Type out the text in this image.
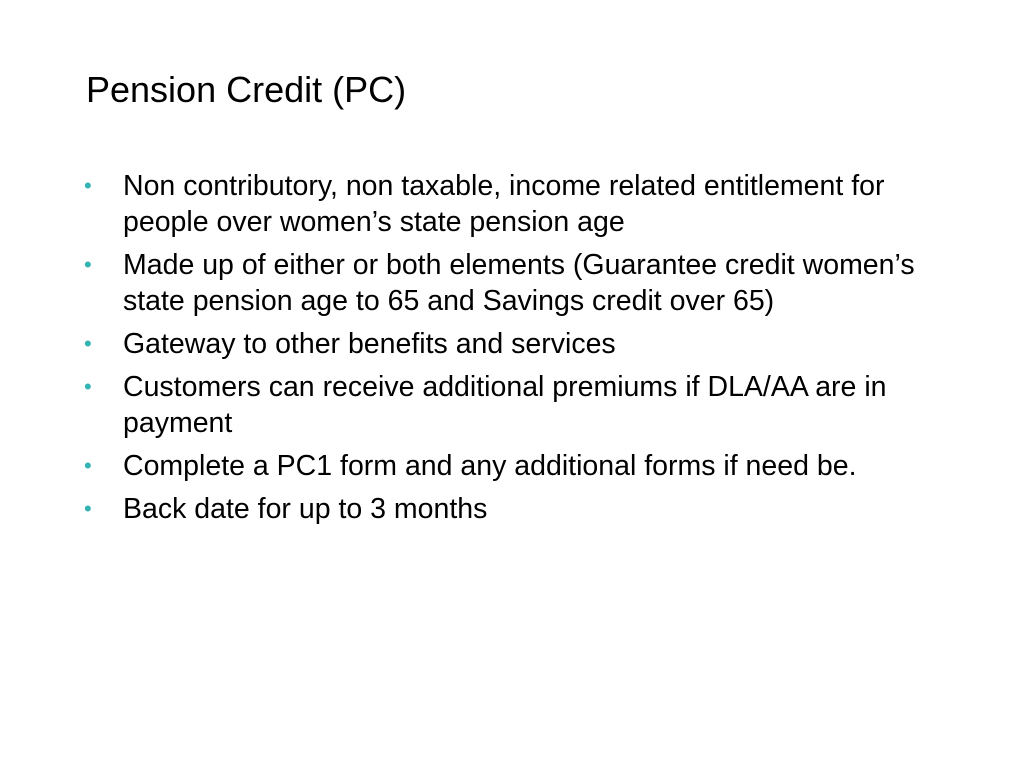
Pension Credit (PC)
• Non contributory, non taxable, income related entitlement for people over women’s state pension age
• Made up of either or both elements (Guarantee credit women’s state pension age to 65 and Savings credit over 65)
• Gateway to other benefits and services
• Customers can receive additional premiums if DLA/AA are in payment
• Complete a PC1 form and any additional forms if need be.
• Back date for up to 3 months
